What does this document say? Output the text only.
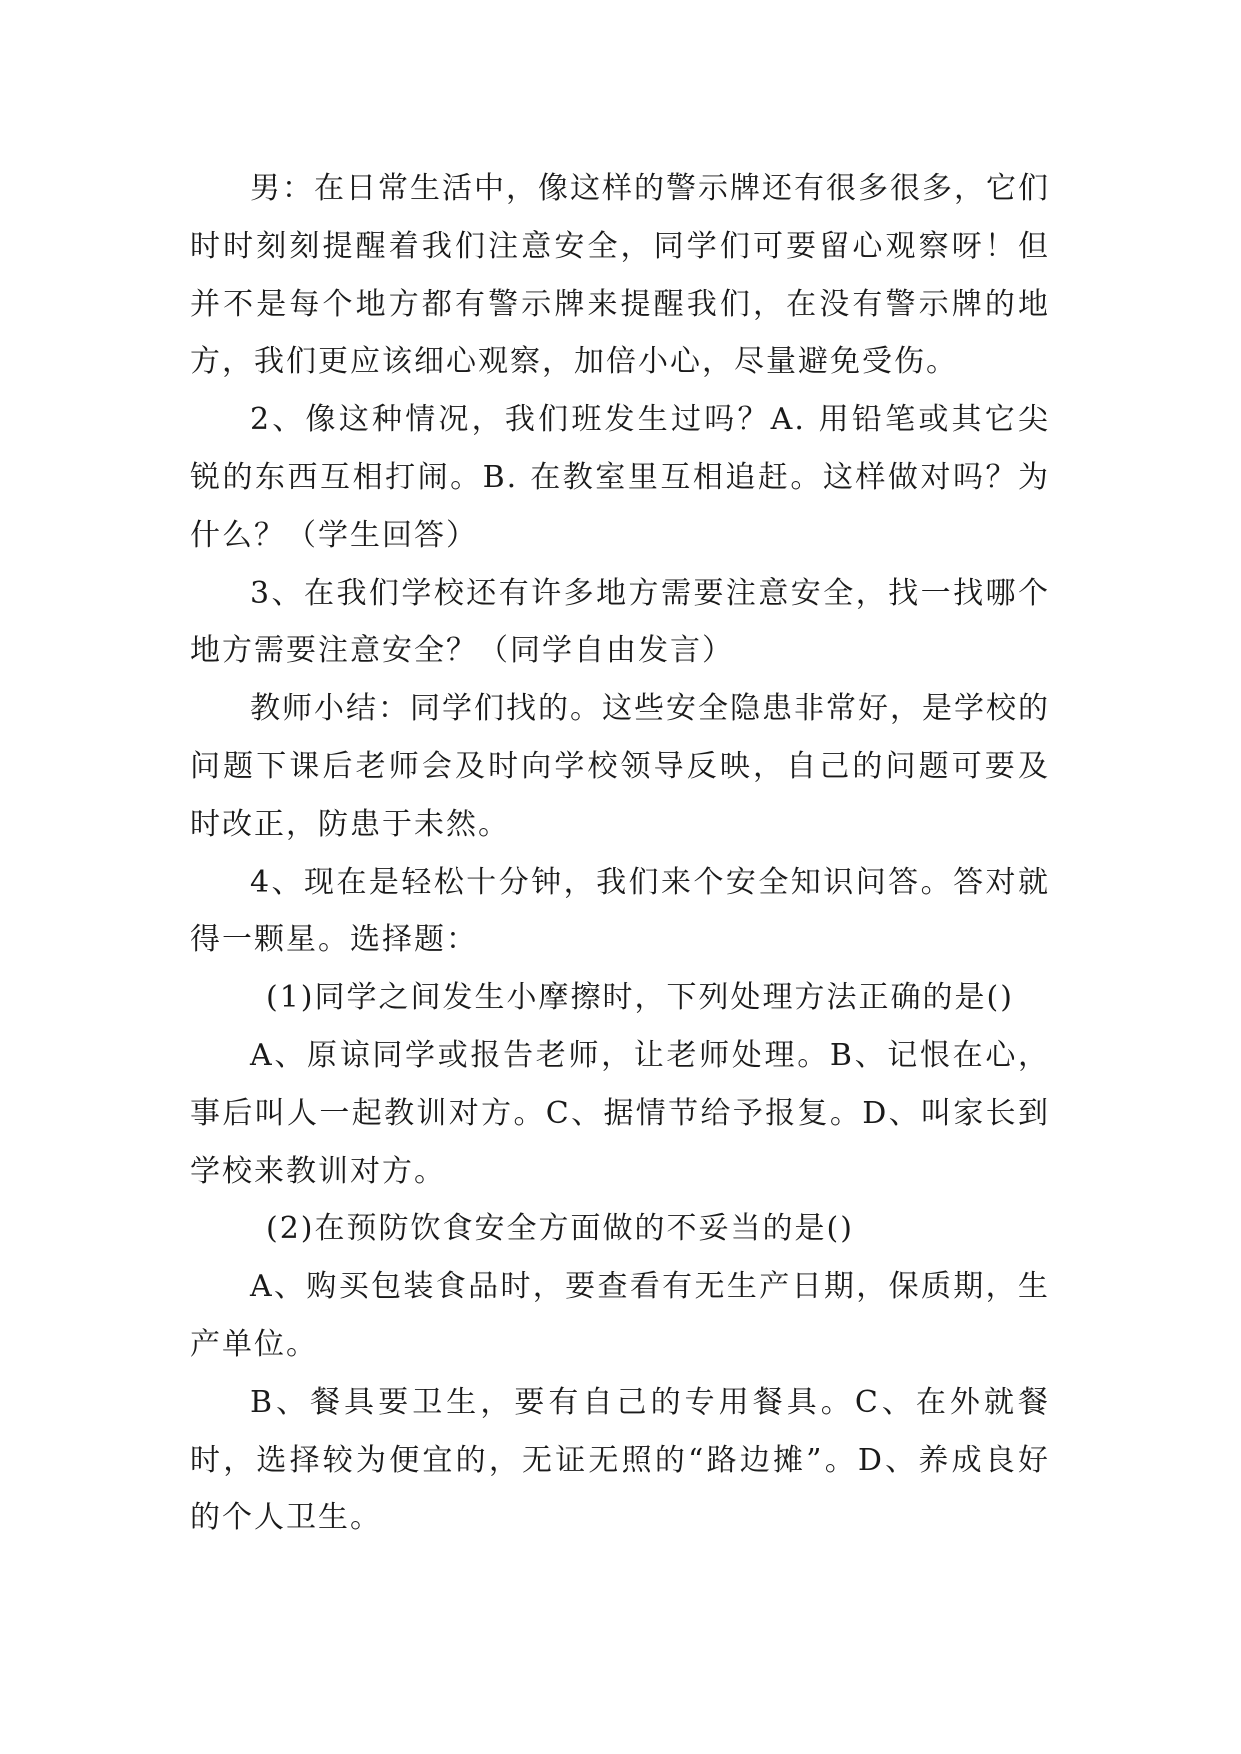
男：在日常生活中，像这样的警示牌还有很多很多，它们时时刻刻提醒着我们注意安全，同学们可要留心观察呀！但并不是每个地方都有警示牌来提醒我们，在没有警示牌的地方，我们更应该细心观察，加倍小心，尽量避免受伤。

2、像这种情况，我们班发生过吗？A. 用铅笔或其它尖锐的东西互相打闹。B. 在教室里互相追赶。这样做对吗？为什么？（学生回答）

3、在我们学校还有许多地方需要注意安全，找一找哪个地方需要注意安全？（同学自由发言）

教师小结：同学们找的。这些安全隐患非常好，是学校的问题下课后老师会及时向学校领导反映，自己的问题可要及时改正，防患于未然。

4、现在是轻松十分钟，我们来个安全知识问答。答对就得一颗星。选择题：

(1)同学之间发生小摩擦时，下列处理方法正确的是()

A、原谅同学或报告老师，让老师处理。B、记恨在心，事后叫人一起教训对方。C、据情节给予报复。D、叫家长到学校来教训对方。

(2)在预防饮食安全方面做的不妥当的是()

A、购买包装食品时，要查看有无生产日期，保质期，生产单位。

B、餐具要卫生，要有自己的专用餐具。C、在外就餐时，选择较为便宜的，无证无照的“路边摊”。D、养成良好的个人卫生。
